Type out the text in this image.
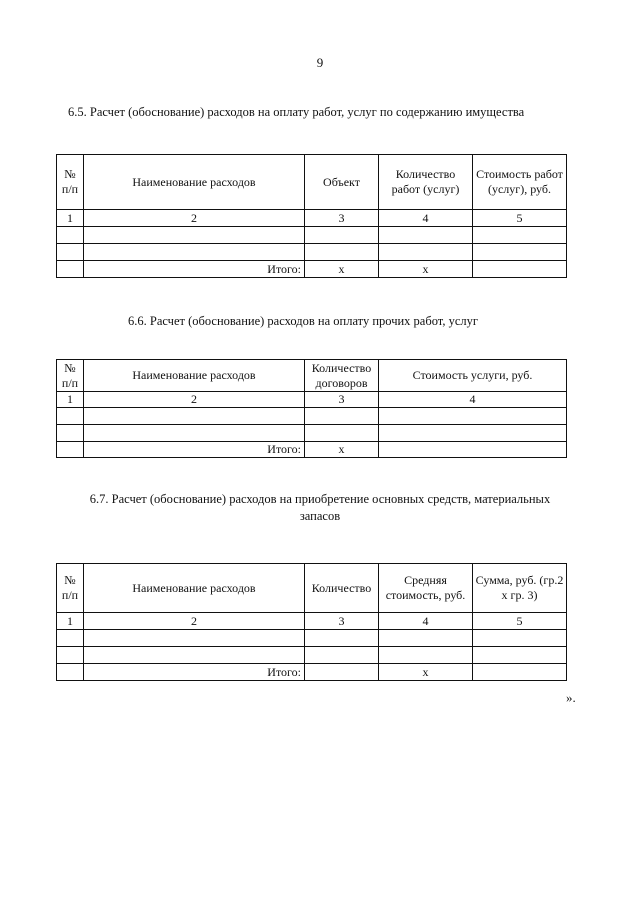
9
6.5. Расчет (обоснование) расходов на оплату работ, услуг по содержанию имущества
№ п/п	Наименование расходов	Объект	Количество работ (услуг)	Стоимость работ (услуг), руб.
1	2	3	4	5

	Итого:	x	x	
6.6. Расчет (обоснование) расходов на оплату прочих работ, услуг
№ п/п	Наименование расходов	Количество договоров	Стоимость услуги, руб.
1	2	3	4

	Итого:	x	
6.7. Расчет (обоснование) расходов на приобретение основных средств, материальных запасов
№ п/п	Наименование расходов	Количество	Средняя стоимость, руб.	Сумма, руб. (гр.2 x гр. 3)
1	2	3	4	5

	Итого:		x	
».
